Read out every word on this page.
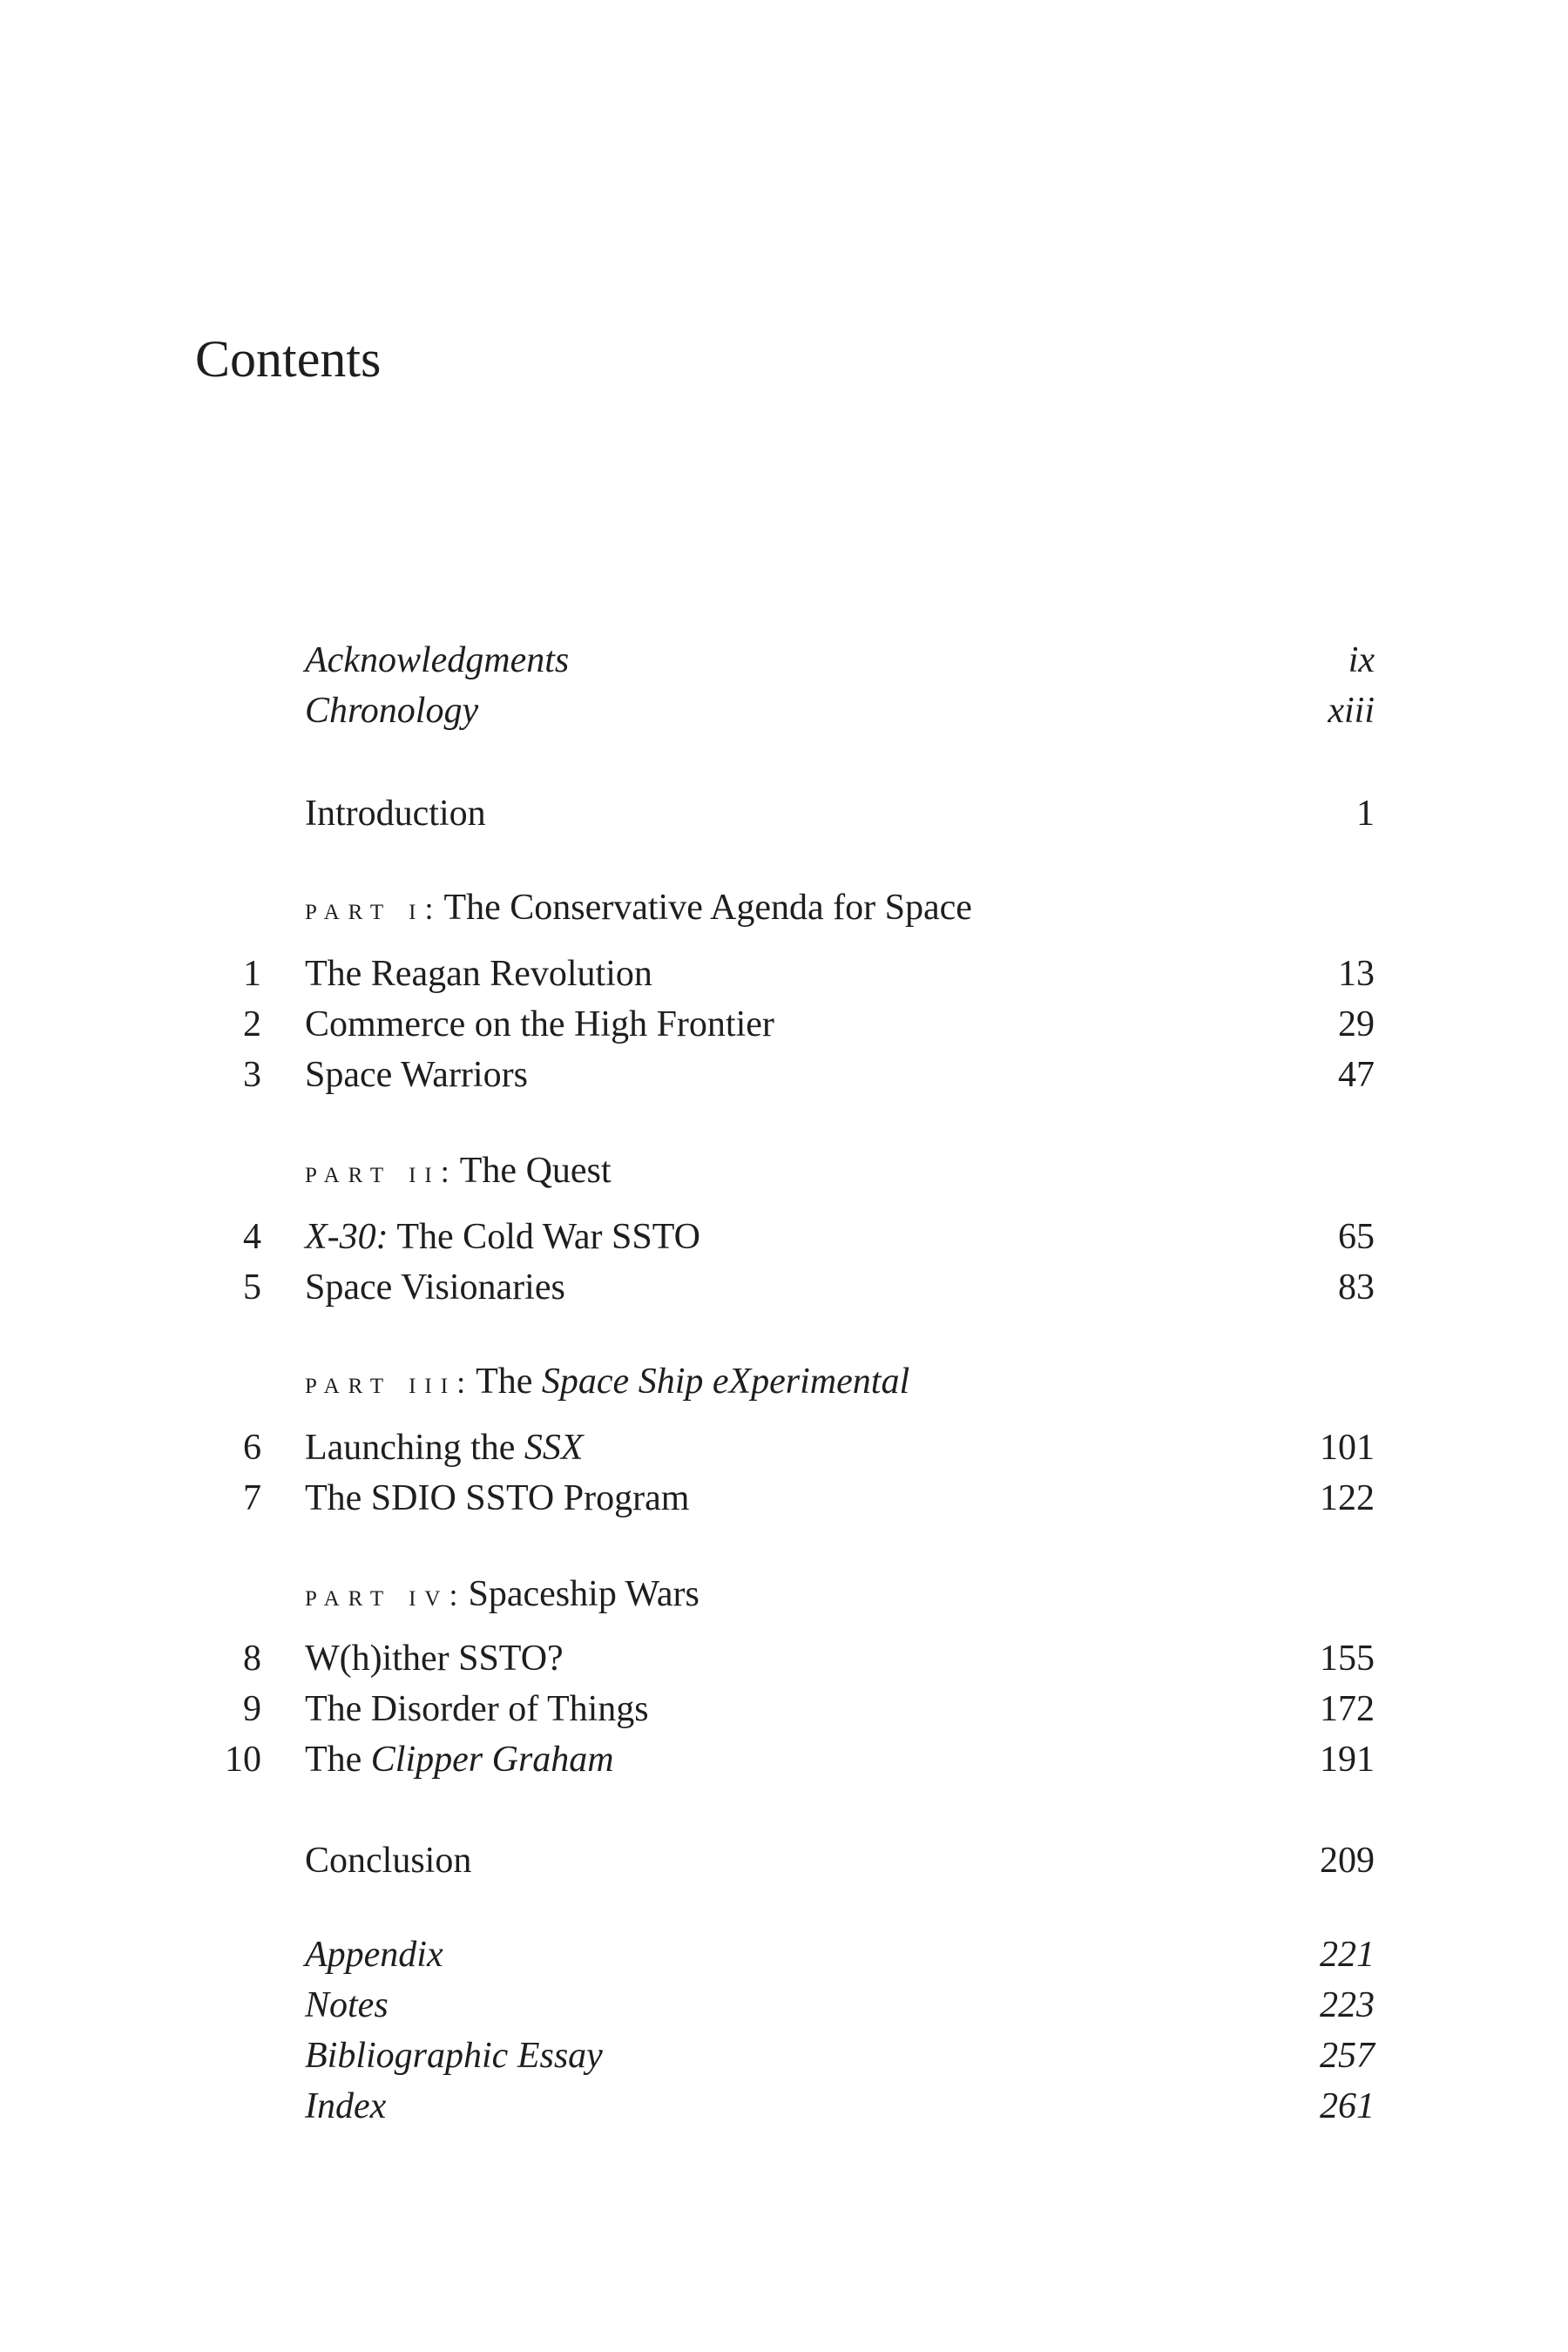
Contents
Acknowledgments	ix
Chronology	xiii
Introduction	1
part i: The Conservative Agenda for Space
1 The Reagan Revolution	13
2 Commerce on the High Frontier	29
3 Space Warriors	47
part ii: The Quest
4 X-30: The Cold War SSTO	65
5 Space Visionaries	83
part iii: The Space Ship eXperimental
6 Launching the SSX	101
7 The SDIO SSTO Program	122
part iv: Spaceship Wars
8 W(h)ither SSTO?	155
9 The Disorder of Things	172
10 The Clipper Graham	191
Conclusion	209
Appendix	221
Notes	223
Bibliographic Essay	257
Index	261
